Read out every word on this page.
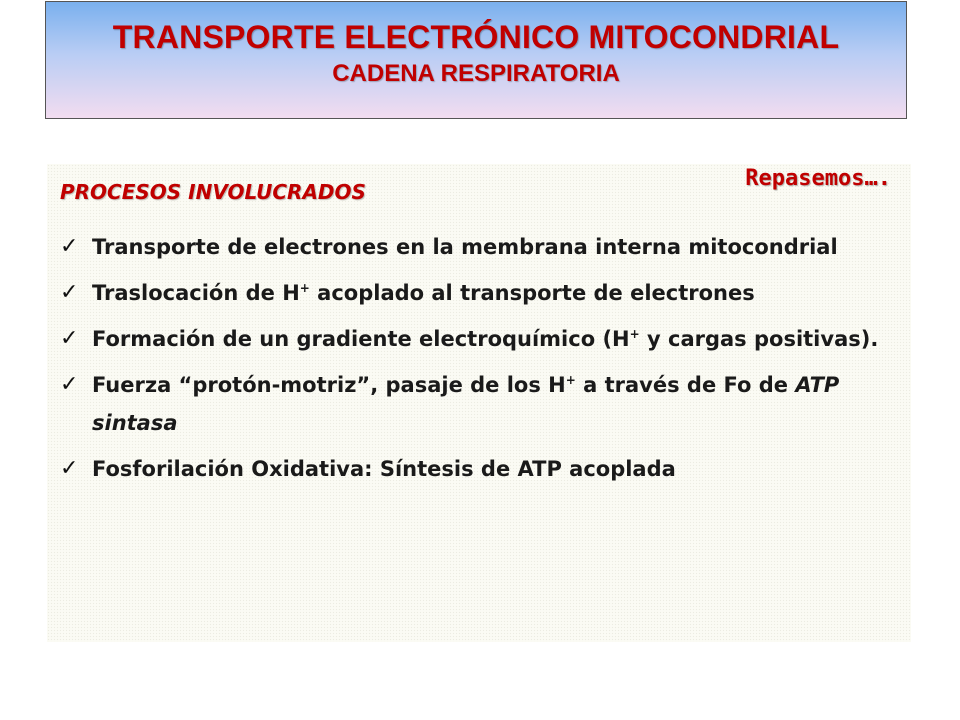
TRANSPORTE ELECTRÓNICO MITOCONDRIAL
CADENA RESPIRATORIA
Repasemos….
PROCESOS INVOLUCRADOS
✓ Transporte de electrones en la membrana interna mitocondrial
✓ Traslocación de H+ acoplado al transporte de electrones
✓ Formación de un gradiente electroquímico (H+ y cargas positivas).
✓ Fuerza “protón-motriz”, pasaje de los H+ a través de Fo de ATP sintasa
✓ Fosforilación Oxidativa: Síntesis de ATP acoplada
